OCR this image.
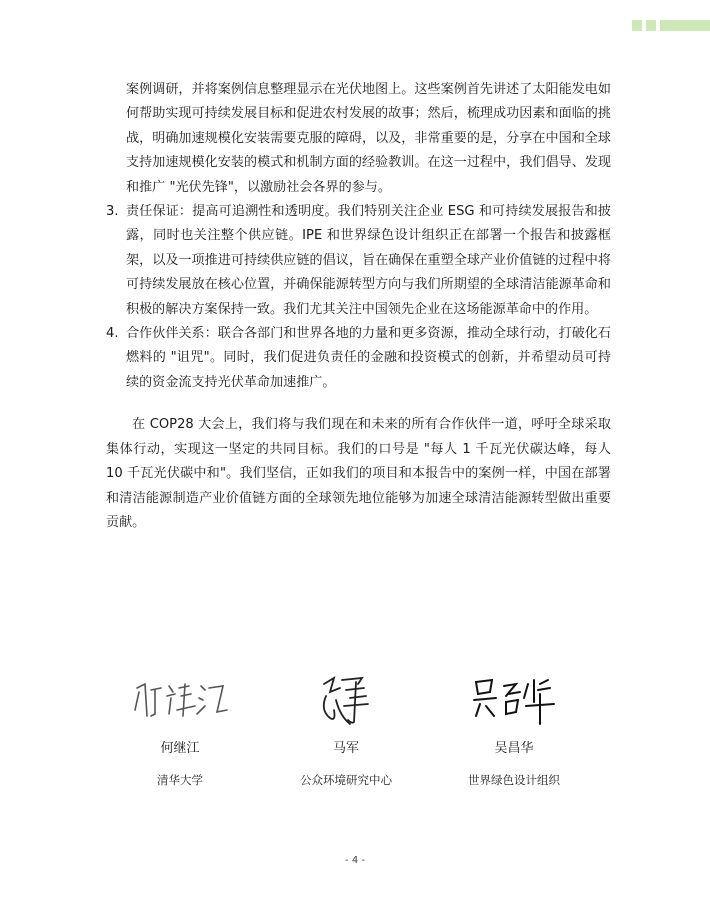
案例调研，并将案例信息整理显示在光伏地图上。这些案例首先讲述了太阳能发电如何帮助实现可持续发展目标和促进农村发展的故事；然后，梳理成功因素和面临的挑战，明确加速规模化安装需要克服的障碍，以及，非常重要的是，分享在中国和全球支持加速规模化安装的模式和机制方面的经验教训。在这一过程中，我们倡导、发现和推广 "光伏先锋"，以激励社会各界的参与。

3. 责任保证：提高可追溯性和透明度。我们特别关注企业 ESG 和可持续发展报告和披露，同时也关注整个供应链。IPE 和世界绿色设计组织正在部署一个报告和披露框架，以及一项推进可持续供应链的倡议，旨在确保在重塑全球产业价值链的过程中将可持续发展放在核心位置，并确保能源转型方向与我们所期望的全球清洁能源革命和积极的解决方案保持一致。我们尤其关注中国领先企业在这场能源革命中的作用。

4. 合作伙伴关系：联合各部门和世界各地的力量和更多资源，推动全球行动，打破化石燃料的 "诅咒"。同时，我们促进负责任的金融和投资模式的创新，并希望动员可持续的资金流支持光伏革命加速推广。

在 COP28 大会上，我们将与我们现在和未来的所有合作伙伴一道，呼吁全球采取集体行动，实现这一坚定的共同目标。我们的口号是 "每人 1 千瓦光伏碳达峰，每人 10 千瓦光伏碳中和"。我们坚信，正如我们的项目和本报告中的案例一样，中国在部署和清洁能源制造产业价值链方面的全球领先地位能够为加速全球清洁能源转型做出重要贡献。

何继江
清华大学
马军
公众环境研究中心
吴昌华
世界绿色设计组织
- 4 -
